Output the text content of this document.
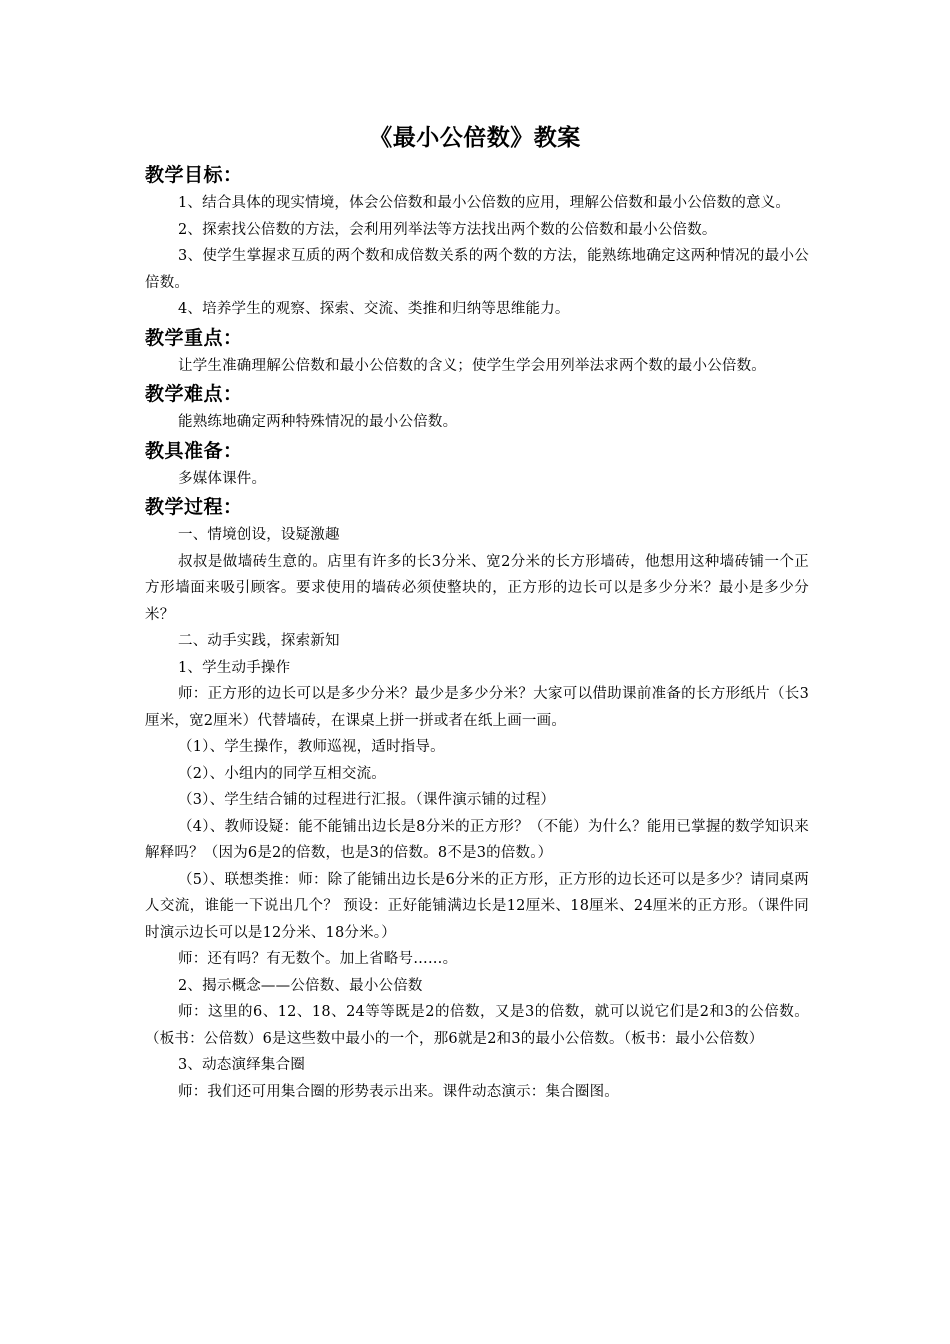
《最小公倍数》教案
教学目标：

1、结合具体的现实情境，体会公倍数和最小公倍数的应用，理解公倍数和最小公倍数的意义。

2、探索找公倍数的方法，会利用列举法等方法找出两个数的公倍数和最小公倍数。

3、使学生掌握求互质的两个数和成倍数关系的两个数的方法，能熟练地确定这两种情况的最小公倍数。

4、培养学生的观察、探索、交流、类推和归纳等思维能力。

教学重点：

让学生准确理解公倍数和最小公倍数的含义；使学生学会用列举法求两个数的最小公倍数。

教学难点：

能熟练地确定两种特殊情况的最小公倍数。

教具准备：

多媒体课件。

教学过程：

一、情境创设，设疑激趣

叔叔是做墙砖生意的。店里有许多的长3分米、宽2分米的长方形墙砖，他想用这种墙砖铺一个正方形墙面来吸引顾客。要求使用的墙砖必须使整块的，正方形的边长可以是多少分米？最小是多少分米？

二、动手实践，探索新知

1、学生动手操作

师：正方形的边长可以是多少分米？最少是多少分米？大家可以借助课前准备的长方形纸片（长3厘米，宽2厘米）代替墙砖，在课桌上拼一拼或者在纸上画一画。

（1）、学生操作，教师巡视，适时指导。

（2）、小组内的同学互相交流。

（3）、学生结合铺的过程进行汇报。（课件演示铺的过程）

（4）、教师设疑：能不能铺出边长是8分米的正方形？（不能）为什么？能用已掌握的数学知识来解释吗？（因为6是2的倍数，也是3的倍数。8不是3的倍数。）

（5）、联想类推：师：除了能铺出边长是6分米的正方形，正方形的边长还可以是多少？请同桌两人交流，谁能一下说出几个？ 预设：正好能铺满边长是12厘米、18厘米、24厘米的正方形。（课件同时演示边长可以是12分米、18分米。）

师：还有吗？有无数个。加上省略号……。

2、揭示概念——公倍数、最小公倍数

师：这里的6、12、18、24等等既是2的倍数，又是3的倍数，就可以说它们是2和3的公倍数。（板书：公倍数）6是这些数中最小的一个，那6就是2和3的最小公倍数。（板书：最小公倍数）

3、动态演绎集合圈

师：我们还可用集合圈的形势表示出来。课件动态演示：集合圈图。
